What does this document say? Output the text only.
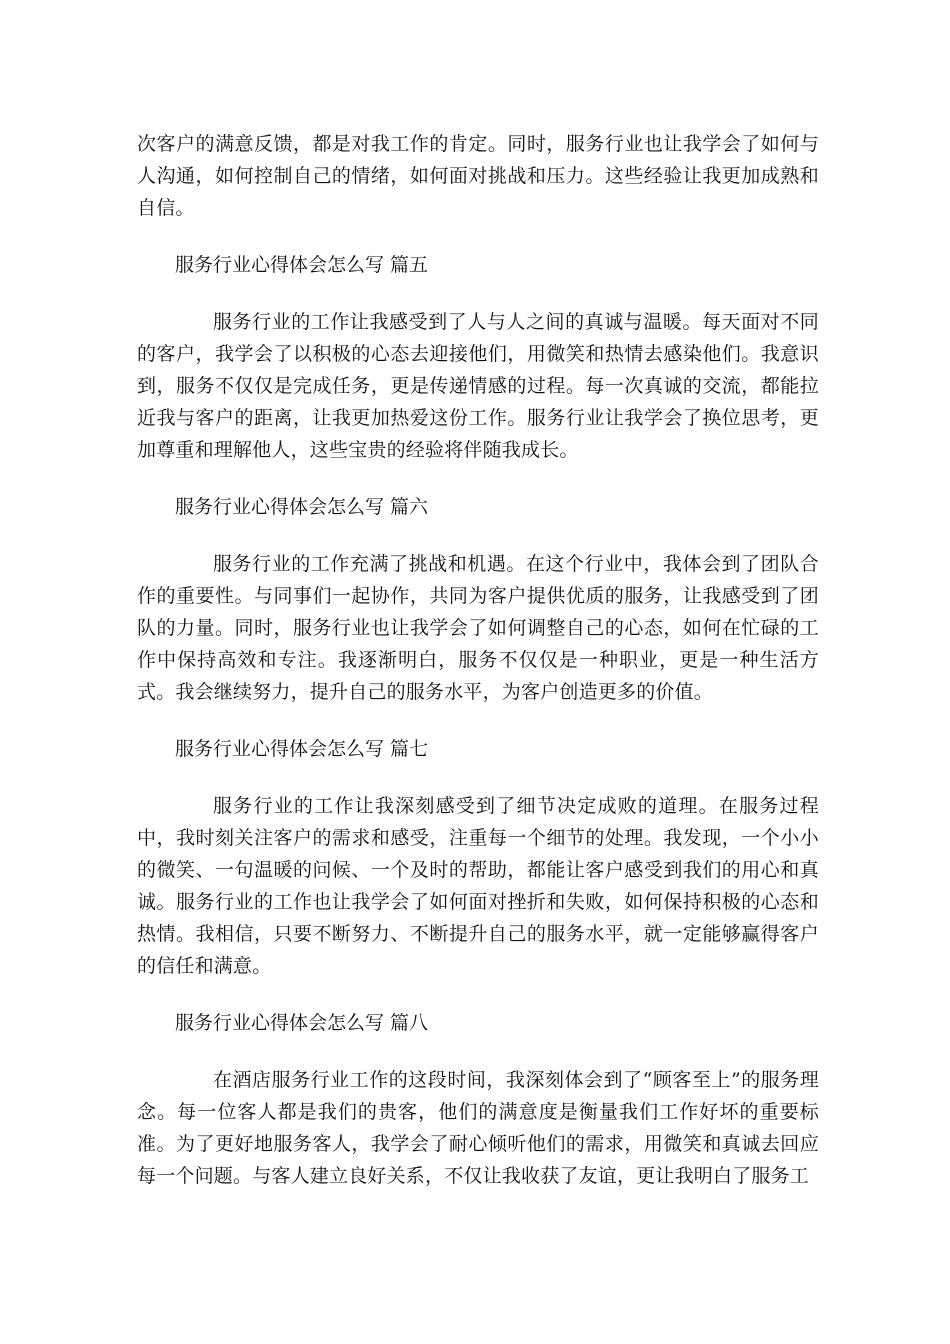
次客户的满意反馈，都是对我工作的肯定。同时，服务行业也让我学会了如何与人沟通，如何控制自己的情绪，如何面对挑战和压力。这些经验让我更加成熟和自信。

服务行业心得体会怎么写 篇五

服务行业的工作让我感受到了人与人之间的真诚与温暖。每天面对不同的客户，我学会了以积极的心态去迎接他们，用微笑和热情去感染他们。我意识到，服务不仅仅是完成任务，更是传递情感的过程。每一次真诚的交流，都能拉近我与客户的距离，让我更加热爱这份工作。服务行业让我学会了换位思考，更加尊重和理解他人，这些宝贵的经验将伴随我成长。

服务行业心得体会怎么写 篇六

服务行业的工作充满了挑战和机遇。在这个行业中，我体会到了团队合作的重要性。与同事们一起协作，共同为客户提供优质的服务，让我感受到了团队的力量。同时，服务行业也让我学会了如何调整自己的心态，如何在忙碌的工作中保持高效和专注。我逐渐明白，服务不仅仅是一种职业，更是一种生活方式。我会继续努力，提升自己的服务水平，为客户创造更多的价值。

服务行业心得体会怎么写 篇七

服务行业的工作让我深刻感受到了细节决定成败的道理。在服务过程中，我时刻关注客户的需求和感受，注重每一个细节的处理。我发现，一个小小的微笑、一句温暖的问候、一个及时的帮助，都能让客户感受到我们的用心和真诚。服务行业的工作也让我学会了如何面对挫折和失败，如何保持积极的心态和热情。我相信，只要不断努力、不断提升自己的服务水平，就一定能够赢得客户的信任和满意。

服务行业心得体会怎么写 篇八

在酒店服务行业工作的这段时间，我深刻体会到了“顾客至上”的服务理念。每一位客人都是我们的贵客，他们的满意度是衡量我们工作好坏的重要标准。为了更好地服务客人，我学会了耐心倾听他们的需求，用微笑和真诚去回应每一个问题。与客人建立良好关系，不仅让我收获了友谊，更让我明白了服务工
